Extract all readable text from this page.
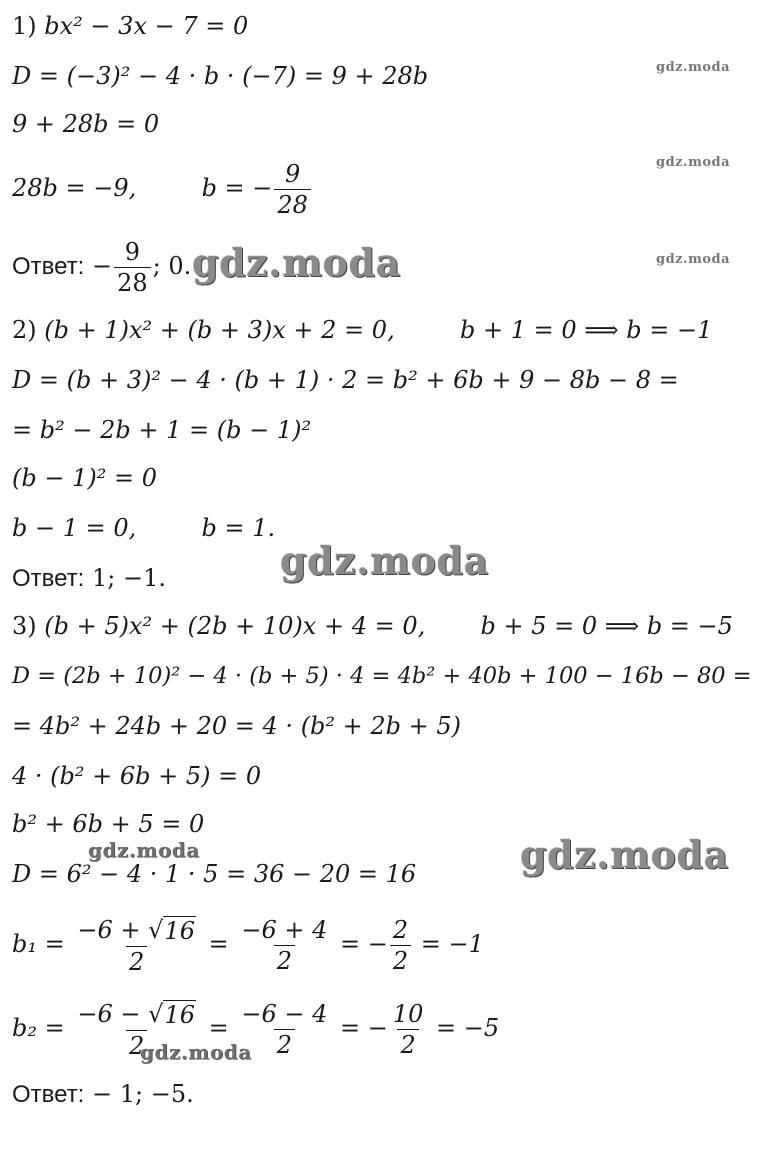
1) bx² − 3x − 7 = 0
D = (−3)² − 4 · b · (−7) = 9 + 28b
9 + 28b = 0
28b = −9,	b = − $\frac{9}{28}$
Ответ: − $\frac{9}{28}$ ; 0.
2) (b + 1)x² + (b + 3)x + 2 = 0,	b + 1 = 0 ⟹ b = −1
D = (b + 3)² − 4 · (b + 1) · 2 = b² + 6b + 9 − 8b − 8 =
= b² − 2b + 1 = (b − 1)²
(b − 1)² = 0
b − 1 = 0,	b = 1.
Ответ: 1; −1.
3) (b + 5)x² + (2b + 10)x + 4 = 0, b + 5 = 0 ⟹ b = −5
D = (2b + 10)² − 4 · (b + 5) · 4 = 4b² + 40b + 100 − 16b − 80 =
= 4b² + 24b + 20 = 4 · (b² + 2b + 5)
4 · (b² + 6b + 5) = 0
b² + 6b + 5 = 0
D = 6² − 4 · 1 · 5 = 36 − 20 = 16
$b_1 = \frac{-6 + √ 16}{2} = \frac{-6 + 4}{2}$ = − $\frac{2}{2} = -1$
$b_2 = \frac{-6 - √ 16}{2} = \frac{-6 - 4}{2}$ = − $\frac{10}{2} = -5$
Ответ: − 1; −5.
gdz.moda
gdz.moda
gdz.moda
gdz.moda
gdz.moda
gdz.moda
gdz.moda
gdz.moda
